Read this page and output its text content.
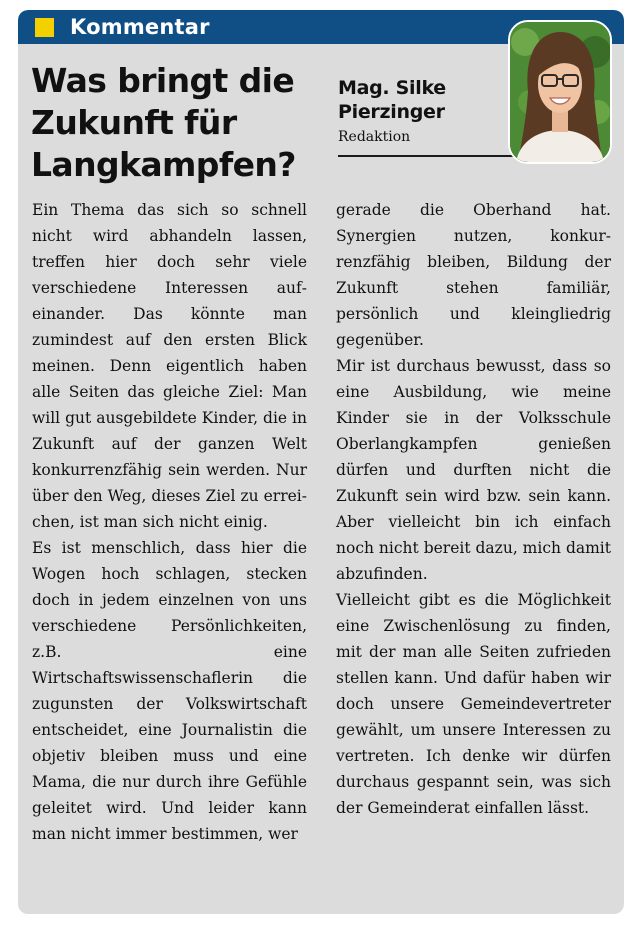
Kommentar
Was bringt die Zukunft für Langkampfen?
Mag. Silke Pierzinger
Redaktion

Ein Thema das sich so schnell nicht wird abhandeln lassen, treffen hier doch sehr viele verschiedene Interessen aufeinander. Das könnte man zumindest auf den ersten Blick meinen. Denn eigentlich haben alle Seiten das gleiche Ziel: Man will gut ausgebildete Kinder, die in Zukunft auf der ganzen Welt konkurrenzfähig sein werden. Nur über den Weg, dieses Ziel zu erreichen, ist man sich nicht einig.

Es ist menschlich, dass hier die Wogen hoch schlagen, stecken doch in jedem einzelnen von uns verschiedene Persönlichkeiten, z.B. eine Wirtschaftswissenschaflerin die zugunsten der Volkswirtschaft entscheidet, eine Journalistin die objetiv bleiben muss und eine Mama, die nur durch ihre Gefühle geleitet wird. Und leider kann man nicht immer bestimmen, wer

gerade die Oberhand hat. Synergien nutzen, konkurrenzfähig bleiben, Bildung der Zukunft stehen familiär, persönlich und kleingliedrig gegenüber.

Mir ist durchaus bewusst, dass so eine Ausbildung, wie meine Kinder sie in der Volksschule Oberlangkampfen genießen dürfen und durften nicht die Zukunft sein wird bzw. sein kann. Aber vielleicht bin ich einfach noch nicht bereit dazu, mich damit abzufinden.

Vielleicht gibt es die Möglichkeit eine Zwischenlösung zu finden, mit der man alle Seiten zufrieden stellen kann. Und dafür haben wir doch unsere Gemeindevertreter gewählt, um unsere Interessen zu vertreten. Ich denke wir dürfen durchaus gespannt sein, was sich der Gemeinderat einfallen lässt.
